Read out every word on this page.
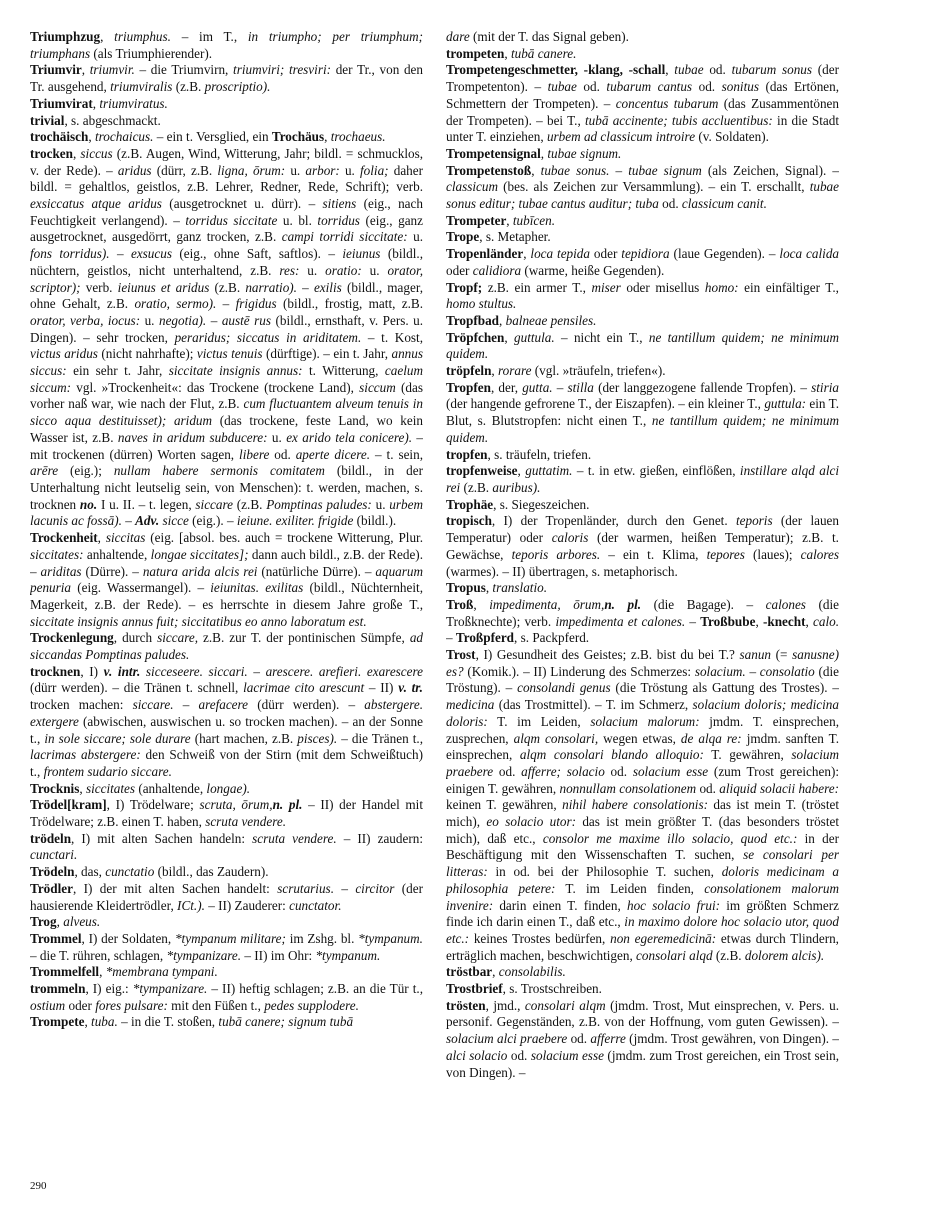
Triumphzug, triumphus. – im T., in triumpho; per triumphum; triumphans (als Triumphierender).

Triumvir, triumvir. – die Triumvirn, triumviri; tresviri: der Tr., von den Tr. ausgehend, triumviralis (z.B. proscriptio).

Triumvirat, triumviratus.

trivial, s. abgeschmackt.

trochäisch, trochaicus. – ein t. Versglied, ein Trochäus, trochaeus.

trocken, siccus (z.B. Augen, Wind, Witterung, Jahr; bildl. = schmucklos, v. der Rede). – aridus (dürr, z.B. ligna, ōrum: u. arbor: u. folia; daher bildl. = gehaltlos, geistlos, z.B. Lehrer, Redner, Rede, Schrift); verb. exsiccatus atque aridus (ausgetrocknet u. dürr). – sitiens (eig., nach Feuchtigkeit verlangend). – torridus siccitate u. bl. torridus (eig., ganz ausgetrocknet, ausgedörrt, ganz trocken, z.B. campi torridi siccitate: u. fons torridus). – exsucus (eig., ohne Saft, saftlos). – ieiunus (bildl., nüchtern, geistlos, nicht unterhaltend, z.B. res: u. oratio: u. orator, scriptor); verb. ieiunus et aridus (z.B. narratio). – exilis (bildl., mager, ohne Gehalt, z.B. oratio, sermo). – frigidus (bildl., frostig, matt, z.B. orator, verba, iocus: u. negotia). – austē rus (bildl., ernsthaft, v. Pers. u. Dingen). – sehr trocken, peraridus; siccatus in ariditatem. – t. Kost, victus aridus (nicht nahrhafte); victus tenuis (dürftige). – ein t. Jahr, annus siccus: ein sehr t. Jahr, siccitate insignis annus: t. Witterung, caelum siccum: vgl. »Trockenheit«: das Trockene (trockene Land), siccum (das vorher naß war, wie nach der Flut, z.B. cum fluctuantem alveum tenuis in sicco aqua destituisset); aridum (das trockene, feste Land, wo kein Wasser ist, z.B. naves in aridum subducere: u. ex arido tela conicere). – mit trockenen (dürren) Worten sagen, libere od. aperte dicere. – t. sein, arēre (eig.); nullam habere sermonis comitatem (bildl., in der Unterhaltung nicht leutselig sein, von Menschen): t. werden, machen, s. trocknen no. I u. II. – t. legen, siccare (z.B. Pomptinas paludes: u. urbem lacunis ac fossā). – Adv. sicce (eig.). – ieiune. exiliter. frigide (bildl.).

Trockenheit, siccitas (eig. [absol. bes. auch = trockene Witterung, Plur. siccitates: anhaltende, longae siccitates]; dann auch bildl., z.B. der Rede). – ariditas (Dürre). – natura arida alcis rei (natürliche Dürre). – aquarum penuria (eig. Wassermangel). – ieiunitas. exilitas (bildl., Nüchternheit, Magerkeit, z.B. der Rede). – es herrschte in diesem Jahre große T., siccitate insignis annus fuit; siccitatibus eo anno laboratum est.

Trockenlegung, durch siccare, z.B. zur T. der pontinischen Sümpfe, ad siccandas Pomptinas paludes.

trocknen, I) v. intr. sicceseere. siccari. – arescere. arefieri. exarescere (dürr werden). – die Tränen t. schnell, lacrimae cito arescunt – II) v. tr. trocken machen: siccare. – arefacere (dürr werden). – abstergere. extergere (abwischen, auswischen u. so trocken machen). – an der Sonne t., in sole siccare; sole durare (hart machen, z.B. pisces). – die Tränen t., lacrimas abstergere: den Schweiß von der Stirn (mit dem Schweißtuch) t., frontem sudario siccare.

Trocknis, siccitates (anhaltende, longae).

Trödel[kram], I) Trödelware; scruta, ōrum,n. pl. – II) der Handel mit Trödelware; z.B. einen T. haben, scruta vendere.

trödeln, I) mit alten Sachen handeln: scruta vendere. – II) zaudern: cunctari.

Trödeln, das, cunctatio (bildl., das Zaudern).

Trödler, I) der mit alten Sachen handelt: scrutarius. – circitor (der hausierende Kleidertrödler, ICt.). – II) Zauderer: cunctator.

Trog, alveus.

Trommel, I) der Soldaten, *tympanum militare; im Zshg. bl. *tympanum. – die T. rühren, schlagen, *tympanizare. – II) im Ohr: *tympanum.

Trommelfell, *membrana tympani.

trommeln, I) eig.: *tympanizare. – II) heftig schlagen; z.B. an die Tür t., ostium oder fores pulsare: mit den Füßen t., pedes supplodere.

Trompete, tuba. – in die T. stoßen, tubā canere; signum tubā

dare (mit der T. das Signal geben).

trompeten, tubā canere.

Trompetengeschmetter, -klang, -schall, tubae od. tubarum sonus (der Trompetenton). – tubae od. tubarum cantus od. sonitus (das Ertönen, Schmettern der Trompeten). – concentus tubarum (das Zusammentönen der Trompeten). – bei T., tubā accinente; tubis accluentibus: in die Stadt unter T. einziehen, urbem ad classicum introire (v. Soldaten).

Trompetensignal, tubae signum.

Trompetenstoß, tubae sonus. – tubae signum (als Zeichen, Signal). – classicum (bes. als Zeichen zur Versammlung). – ein T. erschallt, tubae sonus editur; tubae cantus auditur; tuba od. classicum canit.

Trompeter, tubīcen.

Trope, s. Metapher.

Tropenländer, loca tepida oder tepidiora (laue Gegenden). – loca calida oder calidiora (warme, heiße Gegenden).

Tropf; z.B. ein armer T., miser oder misellus homo: ein einfältiger T., homo stultus.

Tropfbad, balneae pensiles.

Tröpfchen, guttula. – nicht ein T., ne tantillum quidem; ne minimum quidem.

tröpfeln, rorare (vgl. »träufeln, triefen«).

Tropfen, der, gutta. – stilla (der langgezogene fallende Tropfen). – stiria (der hangende gefrorene T., der Eiszapfen). – ein kleiner T., guttula: ein T. Blut, s. Blutstropfen: nicht einen T., ne tantillum quidem; ne minimum quidem.

tropfen, s. träufeln, triefen.

tropfenweise, guttatim. – t. in etw. gießen, einflößen, instillare alqd alci rei (z.B. auribus).

Trophäe, s. Siegeszeichen.

tropisch, I) der Tropenländer, durch den Genet. teporis (der lauen Temperatur) oder caloris (der warmen, heißen Temperatur); z.B. t. Gewächse, teporis arbores. – ein t. Klima, tepores (laues); calores (warmes). – II) übertragen, s. metaphorisch.

Tropus, translatio.

Troß, impedimenta, ōrum,n. pl. (die Bagage). – calones (die Troßknechte); verb. impedimenta et calones. – Troßbube, -knecht, calo. – Troßpferd, s. Packpferd.

Trost, I) Gesundheit des Geistes; z.B. bist du bei T.? sanun (= sanusne) es? (Komik.). – II) Linderung des Schmerzes: solacium. – consolatio (die Tröstung). – consolandi genus (die Tröstung als Gattung des Trostes). – medicina (das Trostmittel). – T. im Schmerz, solacium doloris; medicina doloris: T. im Leiden, solacium malorum: jmdm. T. einsprechen, zusprechen, alqm consolari, wegen etwas, de alqa re: jmdm. sanften T. einsprechen, alqm consolari blando alloquio: T. gewähren, solacium praebere od. afferre; solacio od. solacium esse (zum Trost gereichen): einigen T. gewähren, nonnullam consolationem od. aliquid solacii habere: keinen T. gewähren, nihil habere consolationis: das ist mein T. (tröstet mich), eo solacio utor: das ist mein größter T. (das besonders tröstet mich), daß etc., consolor me maxime illo solacio, quod etc.: in der Beschäftigung mit den Wissenschaften T. suchen, se consolari per litteras: in od. bei der Philosophie T. suchen, doloris medicinam a philosophia petere: T. im Leiden finden, consolationem malorum invenire: darin einen T. finden, hoc solacio frui: im größten Schmerz finde ich darin einen T., daß etc., in maximo dolore hoc solacio utor, quod etc.: keines Trostes bedürfen, non egeremedicinā: etwas durch Tlindern, erträglich machen, beschwichtigen, consolari alqd (z.B. dolorem alcis).

tröstbar, consolabilis.

Trostbrief, s. Trostschreiben.

trösten, jmd., consolari alqm (jmdm. Trost, Mut einsprechen, v. Pers. u. personif. Gegenständen, z.B. von der Hoffnung, vom guten Gewissen). – solacium alci praebere od. afferre (jmdm. Trost gewähren, von Dingen). – alci solacio od. solacium esse (jmdm. zum Trost gereichen, ein Trost sein, von Dingen). –

290
